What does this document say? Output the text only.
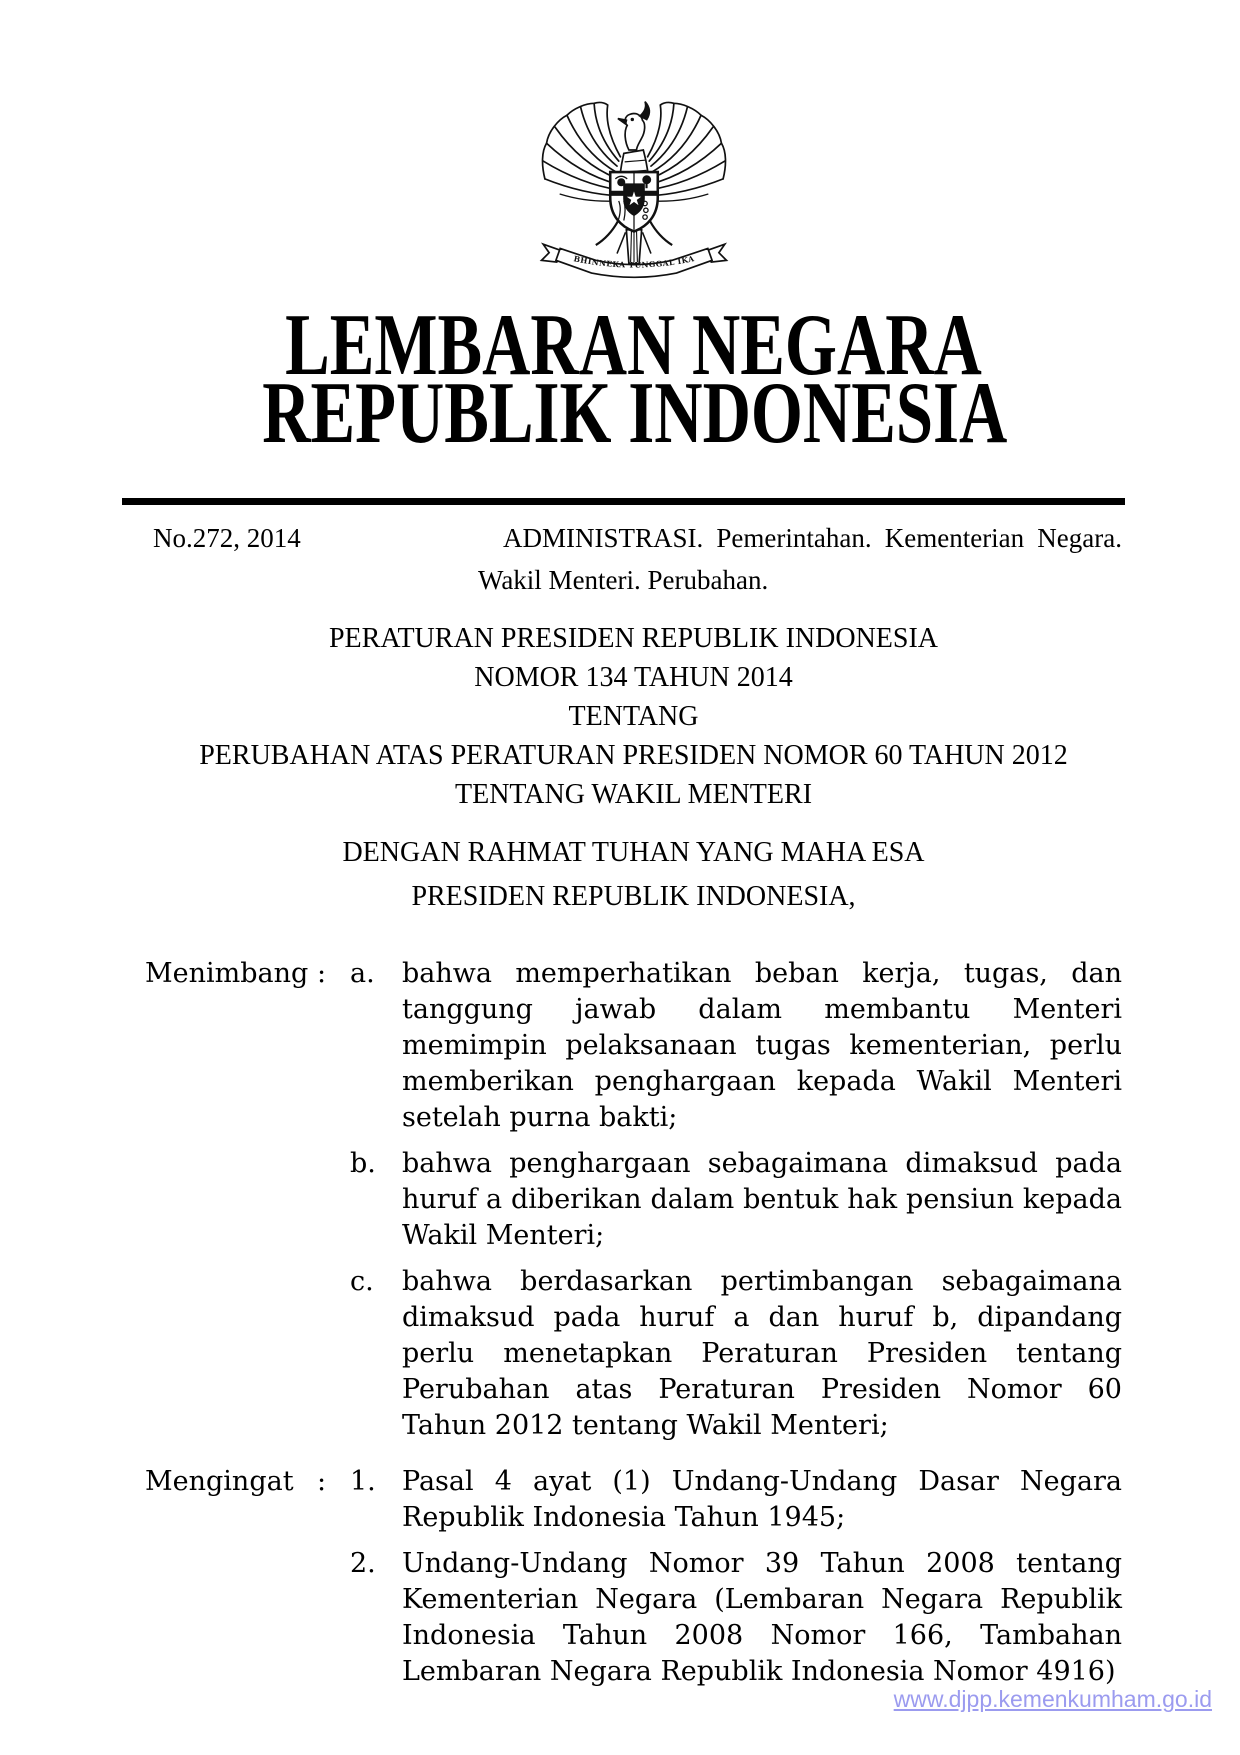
★
BHINNEKA TUNGGAL IKA
LEMBARAN NEGARA
REPUBLIK INDONESIA
No.272, 2014	ADMINISTRASI. Pemerintahan. Kementerian Negara. Wakil Menteri. Perubahan.
PERATURAN PRESIDEN REPUBLIK INDONESIA
NOMOR 134 TAHUN 2014
TENTANG
PERUBAHAN ATAS PERATURAN PRESIDEN NOMOR 60 TAHUN 2012 TENTANG WAKIL MENTERI
DENGAN RAHMAT TUHAN YANG MAHA ESA
PRESIDEN REPUBLIK INDONESIA,
Menimbang : a.	bahwa memperhatikan beban kerja, tugas, dan tanggung jawab dalam membantu Menteri memimpin pelaksanaan tugas kementerian, perlu memberikan penghargaan kepada Wakil Menteri setelah purna bakti;
b. bahwa penghargaan sebagaimana dimaksud pada huruf a diberikan dalam bentuk hak pensiun kepada Wakil Menteri;
c.	bahwa berdasarkan pertimbangan sebagaimana dimaksud pada huruf a dan huruf b, dipandang perlu menetapkan Peraturan Presiden tentang Perubahan atas Peraturan Presiden Nomor 60 Tahun 2012 tentang Wakil Menteri;
Mengingat : 1. Pasal 4 ayat (1) Undang-Undang Dasar Negara Republik Indonesia Tahun 1945;
2. Undang-Undang Nomor 39 Tahun 2008 tentang Kementerian Negara (Lembaran Negara Republik Indonesia Tahun 2008 Nomor 166, Tambahan Lembaran Negara Republik Indonesia Nomor 4916)
www.djpp.kemenkumham.go.id
